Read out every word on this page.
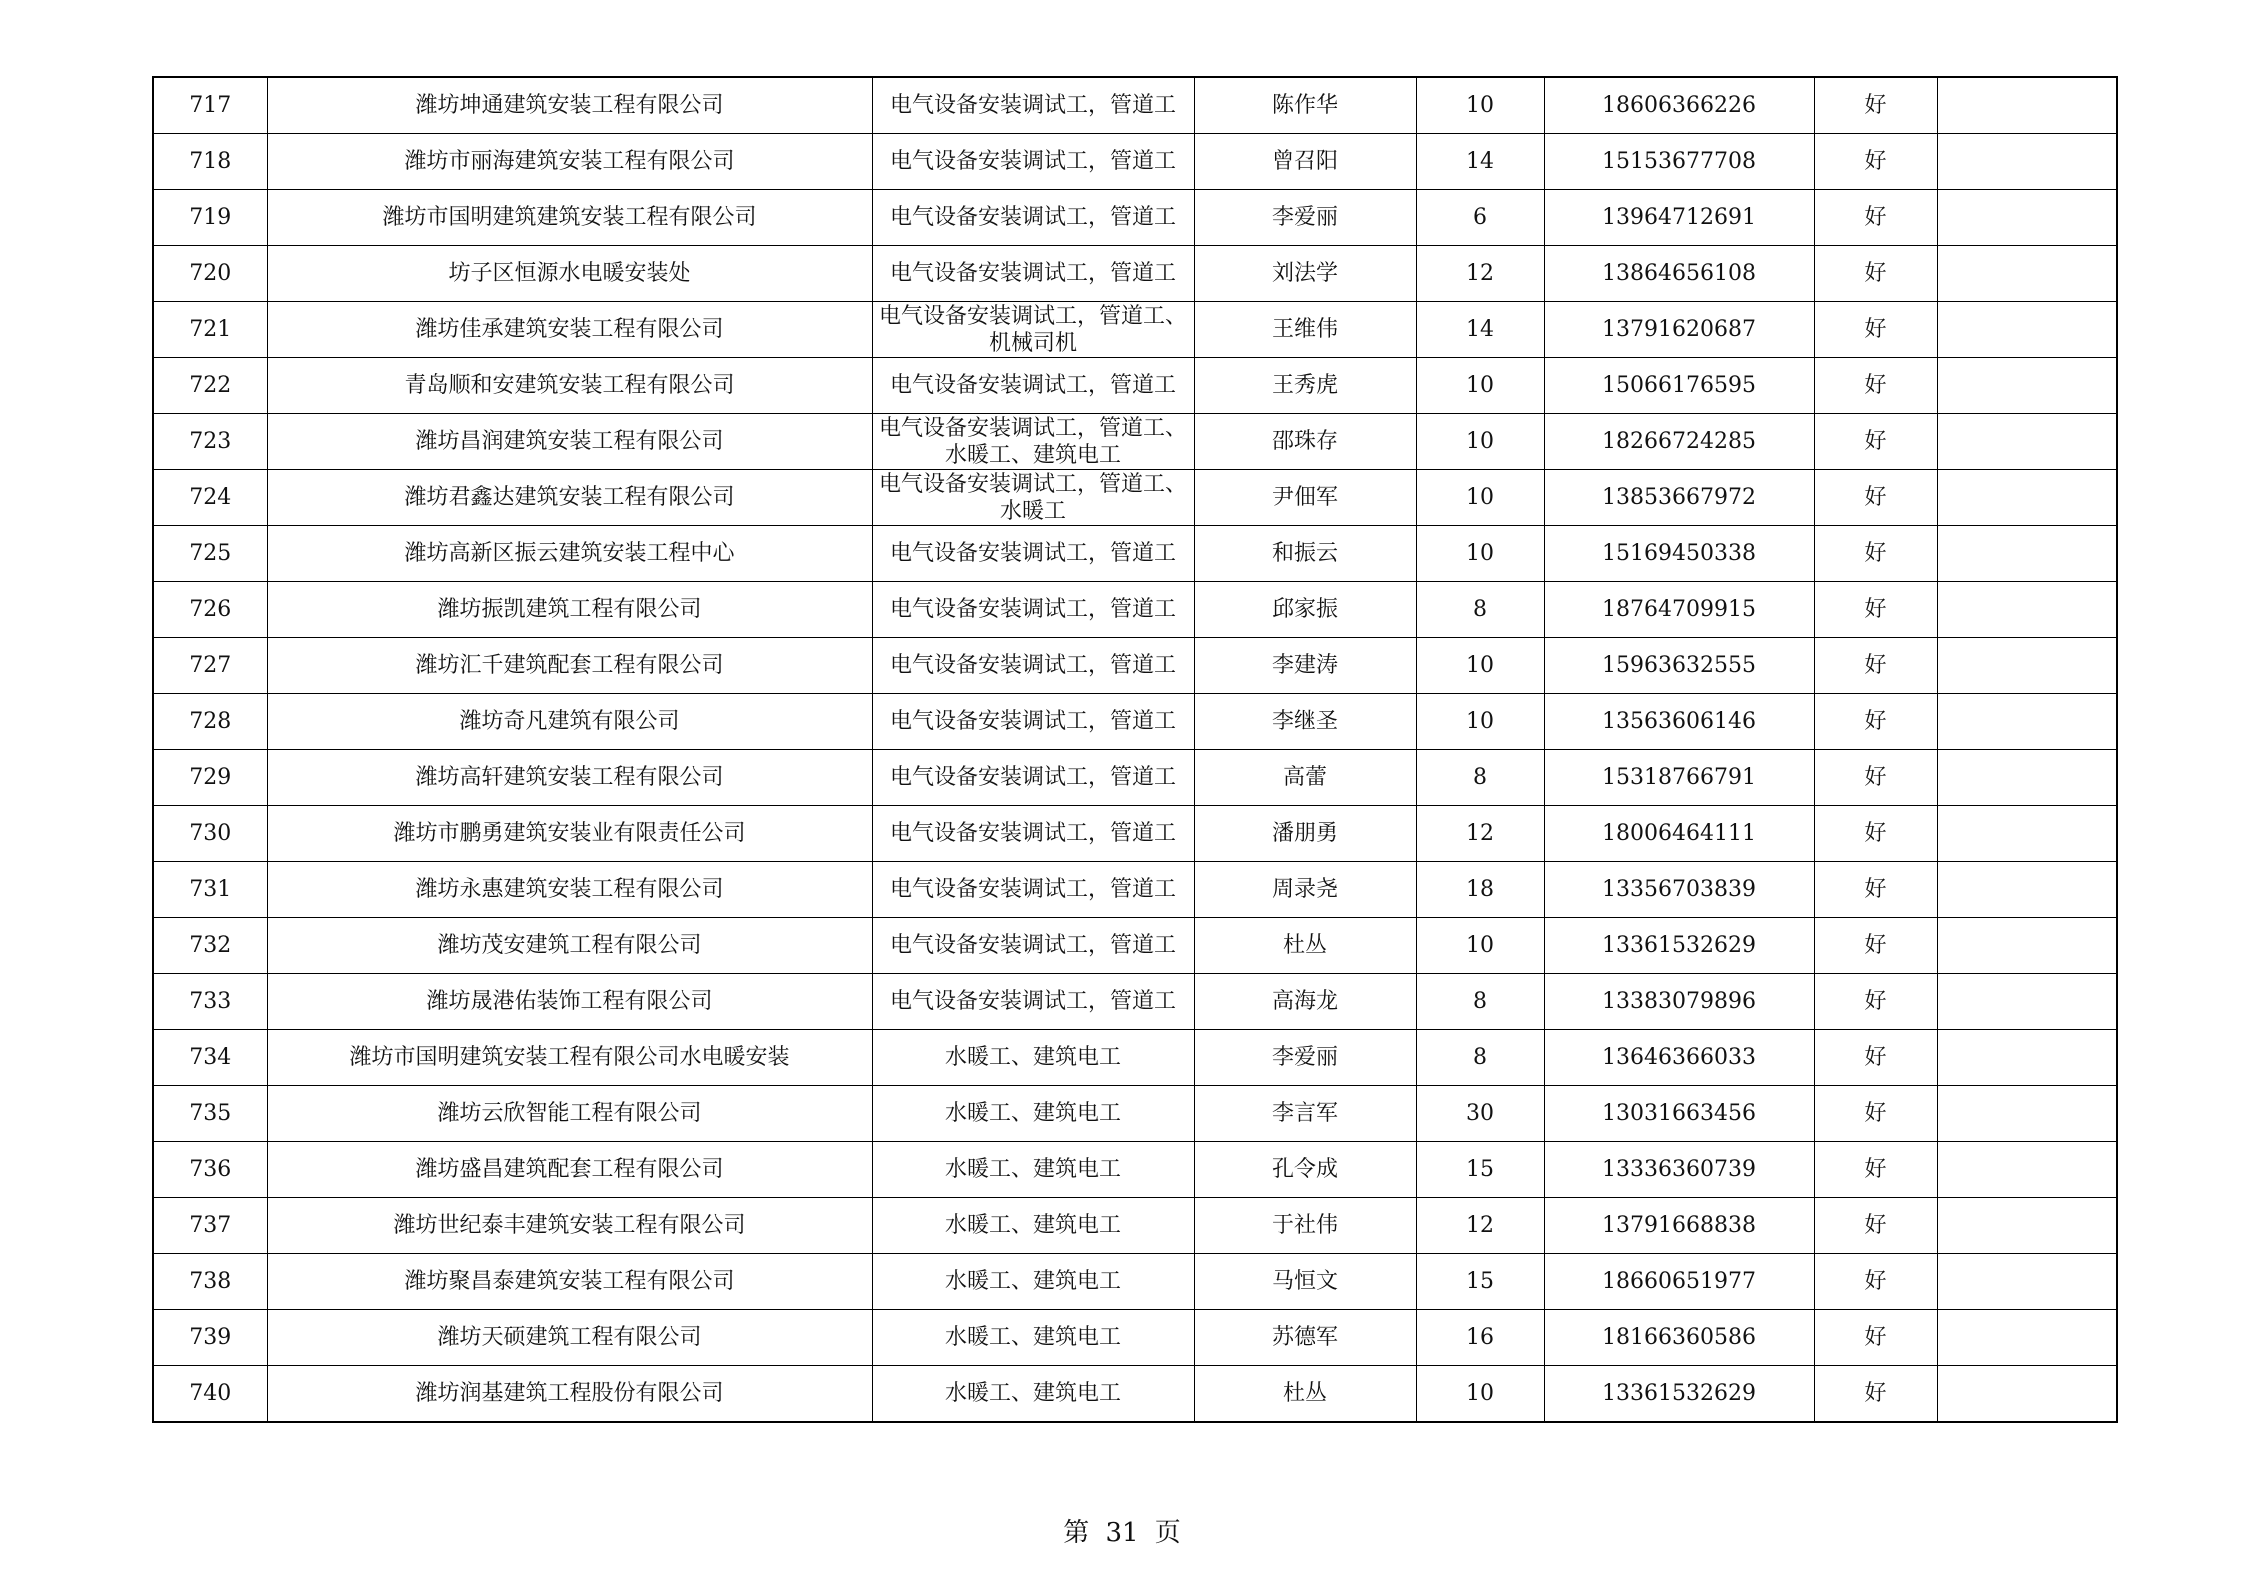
717	潍坊坤通建筑安装工程有限公司	电气设备安装调试工，管道工	陈作华	10	18606366226	好	
718	潍坊市丽海建筑安装工程有限公司	电气设备安装调试工，管道工	曾召阳	14	15153677708	好	
719	潍坊市国明建筑建筑安装工程有限公司	电气设备安装调试工，管道工	李爱丽	6	13964712691	好	
720	坊子区恒源水电暖安装处	电气设备安装调试工，管道工	刘法学	12	13864656108	好	
721	潍坊佳承建筑安装工程有限公司	电气设备安装调试工，管道工、机械司机	王维伟	14	13791620687	好	
722	青岛顺和安建筑安装工程有限公司	电气设备安装调试工，管道工	王秀虎	10	15066176595	好	
723	潍坊昌润建筑安装工程有限公司	电气设备安装调试工，管道工、水暖工、建筑电工	邵珠存	10	18266724285	好	
724	潍坊君鑫达建筑安装工程有限公司	电气设备安装调试工，管道工、水暖工	尹佃军	10	13853667972	好	
725	潍坊高新区振云建筑安装工程中心	电气设备安装调试工，管道工	和振云	10	15169450338	好	
726	潍坊振凯建筑工程有限公司	电气设备安装调试工，管道工	邱家振	8	18764709915	好	
727	潍坊汇千建筑配套工程有限公司	电气设备安装调试工，管道工	李建涛	10	15963632555	好	
728	潍坊奇凡建筑有限公司	电气设备安装调试工，管道工	李继圣	10	13563606146	好	
729	潍坊高轩建筑安装工程有限公司	电气设备安装调试工，管道工	高蕾	8	15318766791	好	
730	潍坊市鹏勇建筑安装业有限责任公司	电气设备安装调试工，管道工	潘朋勇	12	18006464111	好	
731	潍坊永惠建筑安装工程有限公司	电气设备安装调试工，管道工	周录尧	18	13356703839	好	
732	潍坊茂安建筑工程有限公司	电气设备安装调试工，管道工	杜丛	10	13361532629	好	
733	潍坊晟港佑装饰工程有限公司	电气设备安装调试工，管道工	高海龙	8	13383079896	好	
734	潍坊市国明建筑安装工程有限公司水电暖安装	水暖工、建筑电工	李爱丽	8	13646366033	好	
735	潍坊云欣智能工程有限公司	水暖工、建筑电工	李言军	30	13031663456	好	
736	潍坊盛昌建筑配套工程有限公司	水暖工、建筑电工	孔令成	15	13336360739	好	
737	潍坊世纪泰丰建筑安装工程有限公司	水暖工、建筑电工	于社伟	12	13791668838	好	
738	潍坊聚昌泰建筑安装工程有限公司	水暖工、建筑电工	马恒文	15	18660651977	好	
739	潍坊天硕建筑工程有限公司	水暖工、建筑电工	苏德军	16	18166360586	好	
740	潍坊润基建筑工程股份有限公司	水暖工、建筑电工	杜丛	10	13361532629	好	
第 31 页
